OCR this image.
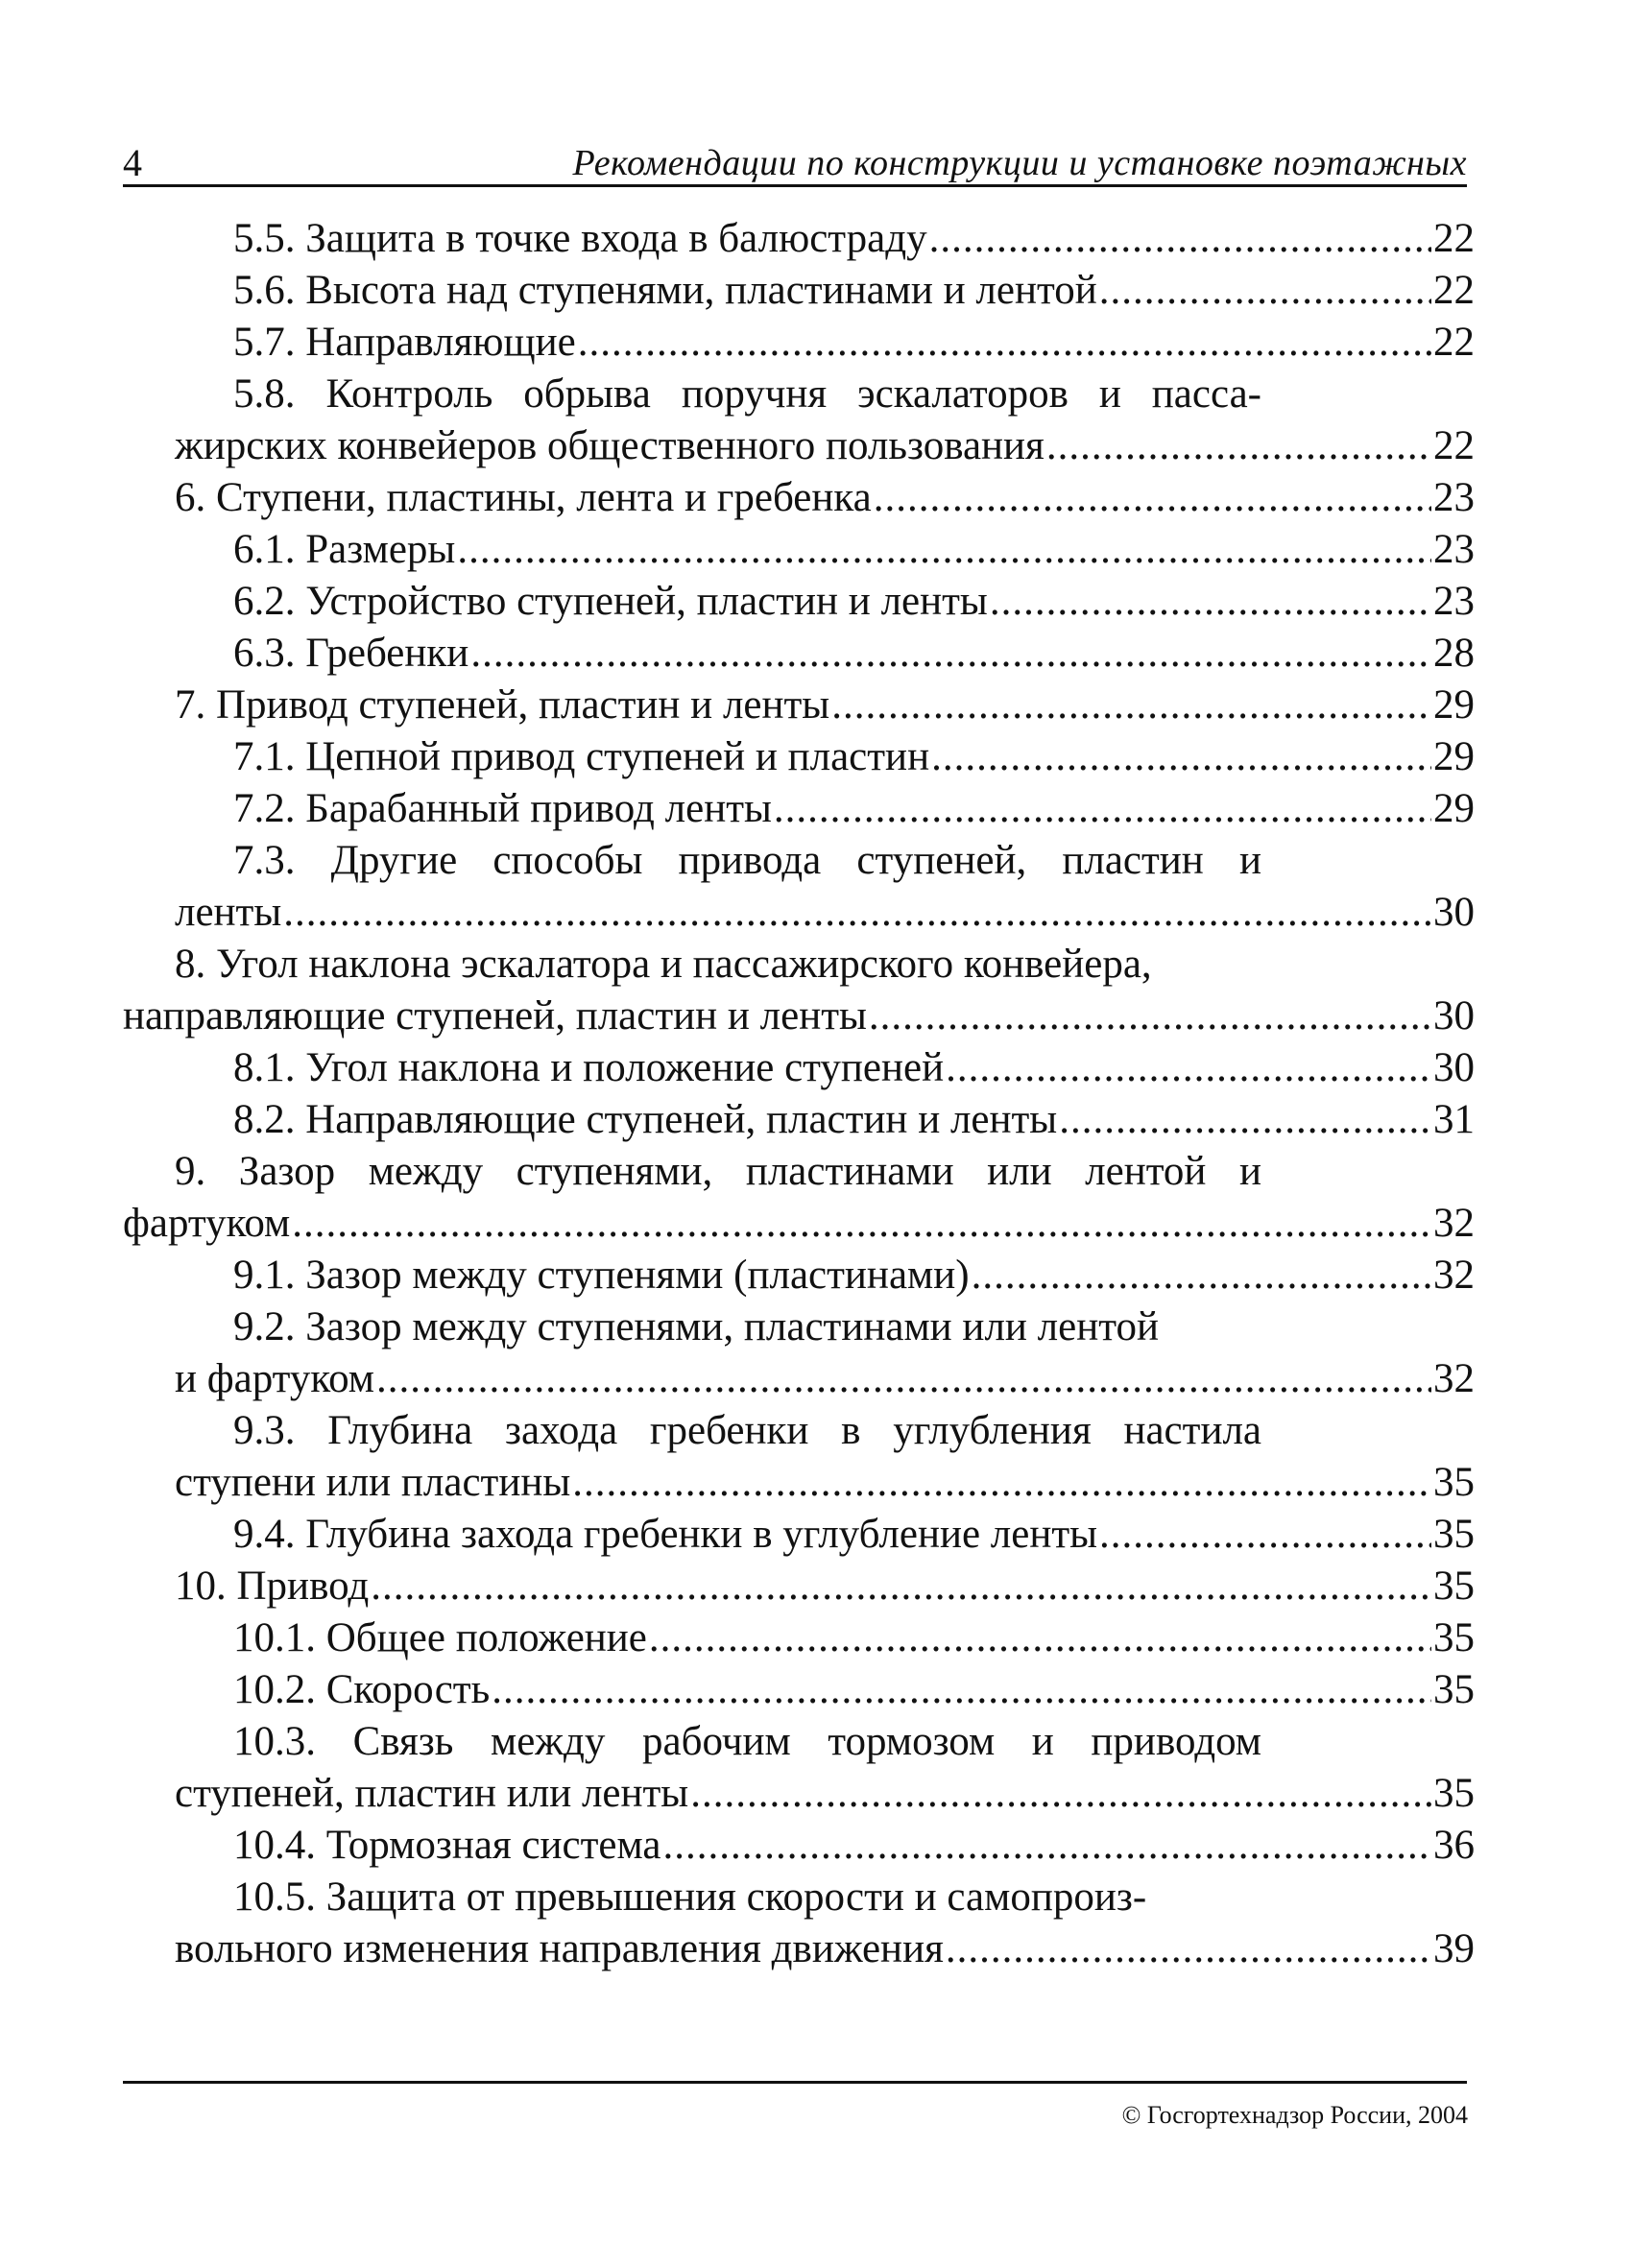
4	Рекомендации по конструкции и установке поэтажных
5.5. Защита в точке входа в балюстраду .....	22
5.6. Высота над ступенями, пластинами и лентой .....	22
5.7. Направляющие .....	22
5.8. Контроль обрыва поручня эскалаторов и пасса-
жирских конвейеров общественного пользования .....	22
6. Ступени, пластины, лента и гребенка .....	23
6.1. Размеры .....	23
6.2. Устройство ступеней, пластин и ленты .....	23
6.3. Гребенки .....	28
7. Привод ступеней, пластин и ленты .....	29
7.1. Цепной привод ступеней и пластин .....	29
7.2. Барабанный привод ленты .....	29
7.3. Другие способы привода ступеней, пластин и
ленты .....	30
8. Угол наклона эскалатора и пассажирского конвейера,
направляющие ступеней, пластин и ленты .....	30
8.1. Угол наклона и положение ступеней .....	30
8.2. Направляющие ступеней, пластин и ленты .....	31
9. Зазор между ступенями, пластинами или лентой и
фартуком .....	32
9.1. Зазор между ступенями (пластинами) .....	32
9.2. Зазор между ступенями, пластинами или лентой
и фартуком .....	32
9.3. Глубина захода гребенки в углубления настила
ступени или пластины .....	35
9.4. Глубина захода гребенки в углубление ленты .....	35
10. Привод .....	35
10.1. Общее положение .....	35
10.2. Скорость .....	35
10.3. Связь между рабочим тормозом и приводом
ступеней, пластин или ленты .....	35
10.4. Тормозная система .....	36
10.5. Защита от превышения скорости и самопроиз-
вольного изменения направления движения .....	39
© Госгортехнадзор России, 2004
